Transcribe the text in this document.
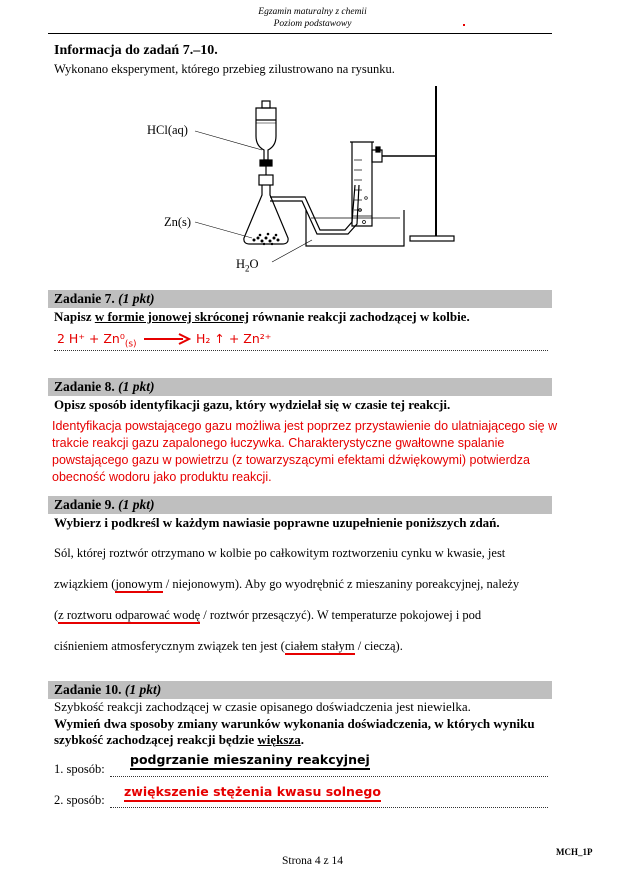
Egzamin maturalny z chemii
Poziom podstawowy
Informacja do zadań 7.–10.
Wykonano eksperyment, którego przebieg zilustrowano na rysunku.
HCl(aq)
Zn(s)
$H_2O$
Zadanie 7. (1 pkt)
Napisz w formie jonowej skróconej równanie reakcji zachodzącej w kolbie.
2 $H^+ + Zn^0_{(s)} \to H_2$ ↑ + Zn²⁺
Zadanie 8. (1 pkt)
Opisz sposób identyfikacji gazu, który wydzielał się w czasie tej reakcji.
Identyfikacja powstającego gazu możliwa jest poprzez przystawienie do ulatniającego się w
trakcie reakcji gazu zapalonego łuczywka. Charakterystyczne gwałtowne spalanie
powstającego gazu w powietrzu (z towarzyszącymi efektami dźwiękowymi) potwierdza
obecność wodoru jako produktu reakcji.
Zadanie 9. (1 pkt)
Wybierz i podkreśl w każdym nawiasie poprawne uzupełnienie poniższych zdań.
Sól, której roztwór otrzymano w kolbie po całkowitym roztworzeniu cynku w kwasie, jest
związkiem (jonowym / niejonowym). Aby go wyodrębnić z mieszaniny poreakcyjnej, należy
(z roztworu odparować wodę / roztwór przesączyć). W temperaturze pokojowej i pod
ciśnieniem atmosferycznym związek ten jest (ciałem stałym / cieczą).
Zadanie 10. (1 pkt)
Szybkość reakcji zachodzącej w czasie opisanego doświadczenia jest niewielka.
Wymień dwa sposoby zmiany warunków wykonania doświadczenia, w których wyniku
szybkość zachodzącej reakcji będzie większa.
1. sposób:
podgrzanie mieszaniny reakcyjnej
2. sposób:
zwiększenie stężenia kwasu solnego
Strona 4 z 14
MCH_1P
